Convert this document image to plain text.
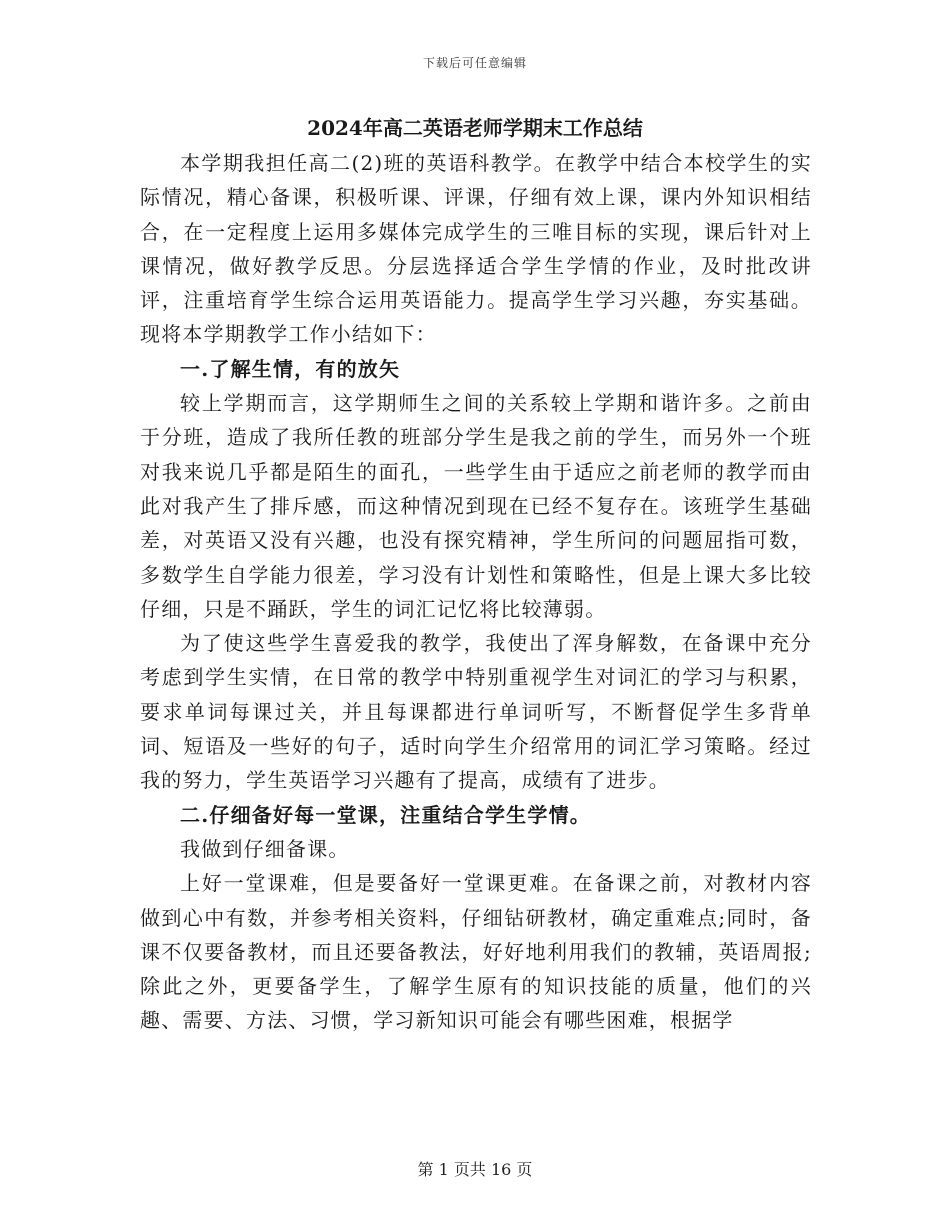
下载后可任意编辑
2024年高二英语老师学期末工作总结

本学期我担任高二(2)班的英语科教学。在教学中结合本校学生的实际情况，精心备课，积极听课、评课，仔细有效上课，课内外知识相结合，在一定程度上运用多媒体完成学生的三唯目标的实现，课后针对上课情况，做好教学反思。分层选择适合学生学情的作业，及时批改讲评，注重培育学生综合运用英语能力。提高学生学习兴趣，夯实基础。现将本学期教学工作小结如下：

一.了解生情，有的放矢

较上学期而言，这学期师生之间的关系较上学期和谐许多。之前由于分班，造成了我所任教的班部分学生是我之前的学生，而另外一个班对我来说几乎都是陌生的面孔，一些学生由于适应之前老师的教学而由此对我产生了排斥感，而这种情况到现在已经不复存在。该班学生基础差，对英语又没有兴趣，也没有探究精神，学生所问的问题屈指可数，多数学生自学能力很差，学习没有计划性和策略性，但是上课大多比较仔细，只是不踊跃，学生的词汇记忆将比较薄弱。

为了使这些学生喜爱我的教学，我使出了浑身解数，在备课中充分考虑到学生实情，在日常的教学中特别重视学生对词汇的学习与积累，要求单词每课过关，并且每课都进行单词听写，不断督促学生多背单词、短语及一些好的句子，适时向学生介绍常用的词汇学习策略。经过我的努力，学生英语学习兴趣有了提高，成绩有了进步。

二.仔细备好每一堂课，注重结合学生学情。

我做到仔细备课。

上好一堂课难，但是要备好一堂课更难。在备课之前，对教材内容做到心中有数，并参考相关资料，仔细钻研教材，确定重难点;同时，备课不仅要备教材，而且还要备教法，好好地利用我们的教辅，英语周报;除此之外，更要备学生，了解学生原有的知识技能的质量，他们的兴趣、需要、方法、习惯，学习新知识可能会有哪些困难，根据学

第 1 页共 16 页
